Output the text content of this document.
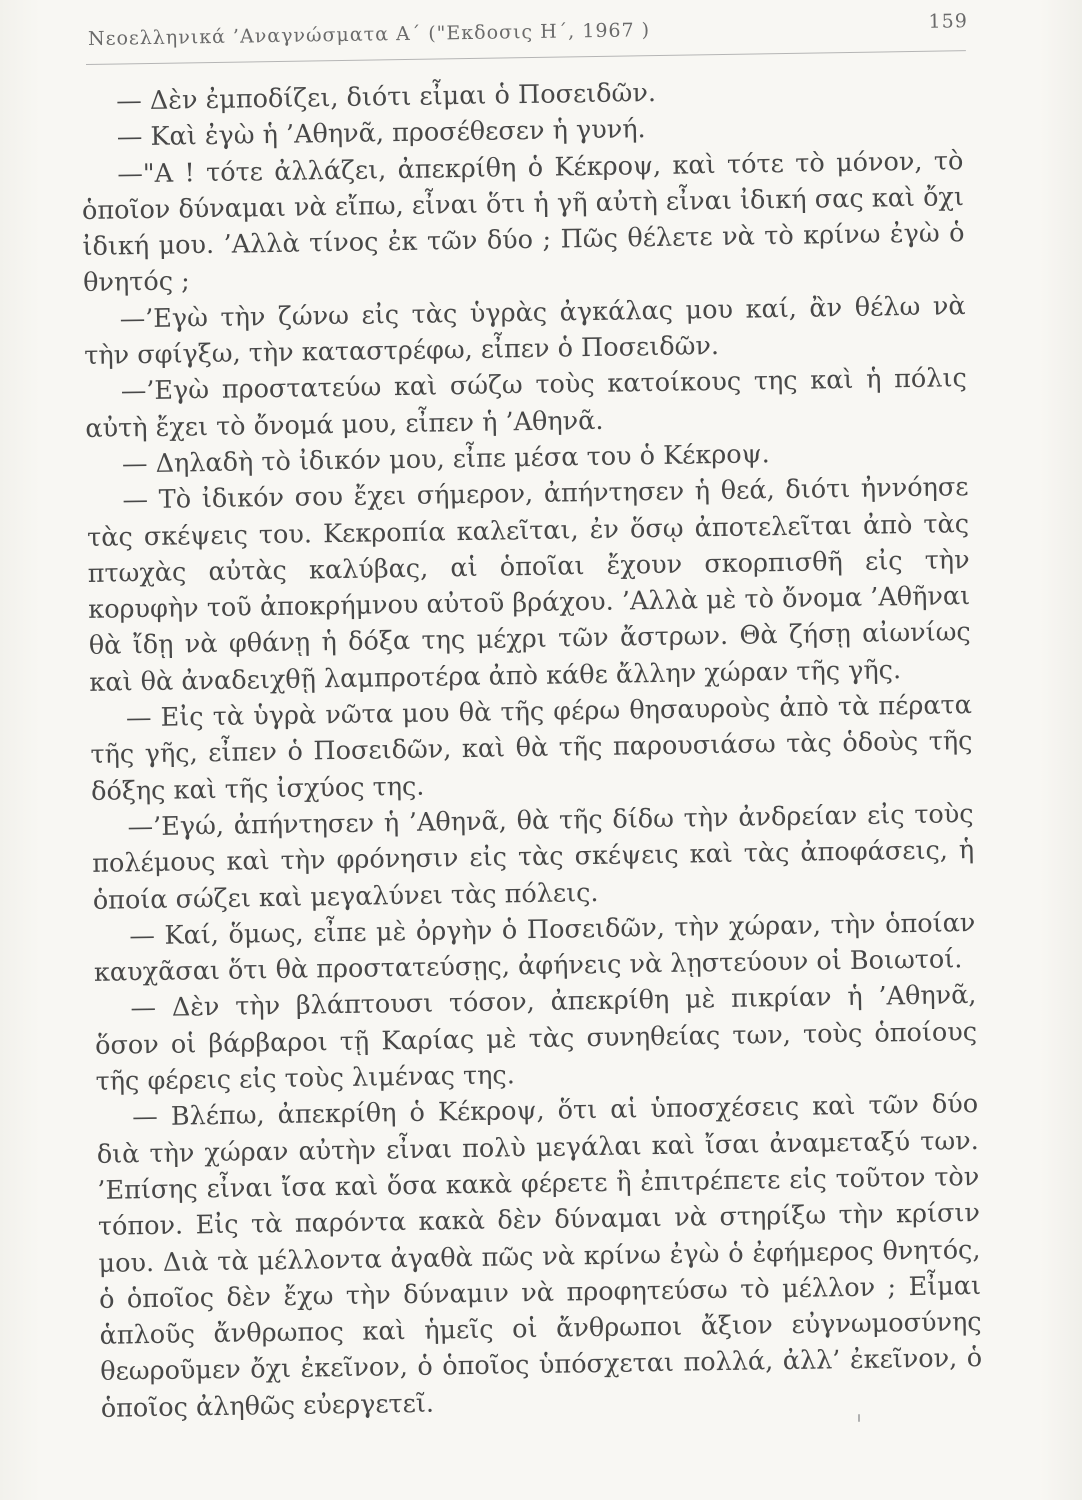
Νεοελληνικά ’Αναγνώσματα Α΄ ("Εκδοσις Η΄, 1967 )	159

— Δὲν ἐμποδίζει, διότι εἶμαι ὁ Ποσειδῶν.

— Καὶ ἐγὼ ἡ ’Αθηνᾶ, προσέθεσεν ἡ γυνή.

—"Α ! τότε ἀλλάζει, ἀπεκρίθη ὁ Κέκροψ, καὶ τότε τὸ μόνον, τὸ ὁποῖον δύναμαι νὰ εἴπω, εἶναι ὅτι ἡ γῆ αὐτὴ εἶναι ἰδική σας καὶ ὄχι ἰδική μου. ’Αλλὰ τίνος ἐκ τῶν δύο ; Πῶς θέλετε νὰ τὸ κρίνω ἐγὼ ὁ θνητός ;

—’Εγὼ τὴν ζώνω εἰς τὰς ὑγρὰς ἀγκάλας μου καί, ἂν θέλω νὰ τὴν σφίγξω, τὴν καταστρέφω, εἶπεν ὁ Ποσειδῶν.

—’Εγὼ προστατεύω καὶ σώζω τοὺς κατοίκους της καὶ ἡ πόλις αὐτὴ ἔχει τὸ ὄνομά μου, εἶπεν ἡ ’Αθηνᾶ.

— Δηλαδὴ τὸ ἰδικόν μου, εἶπε μέσα του ὁ Κέκροψ.

— Τὸ ἰδικόν σου ἔχει σήμερον, ἀπήντησεν ἡ θεά, διότι ἠννόησε τὰς σκέψεις του. Κεκροπία καλεῖται, ἐν ὅσῳ ἀποτελεῖται ἀπὸ τὰς πτωχὰς αὐτὰς καλύβας, αἱ ὁποῖαι ἔχουν σκορπισθῆ εἰς τὴν κορυφὴν τοῦ ἀποκρήμνου αὐτοῦ βράχου. ’Αλλὰ μὲ τὸ ὄνομα ’Αθῆναι θὰ ἴδῃ νὰ φθάνῃ ἡ δόξα της μέχρι τῶν ἄστρων. Θὰ ζήσῃ αἰωνίως καὶ θὰ ἀναδειχθῇ λαμπροτέρα ἀπὸ κάθε ἄλλην χώραν τῆς γῆς.

— Εἰς τὰ ὑγρὰ νῶτα μου θὰ τῆς φέρω θησαυροὺς ἀπὸ τὰ πέρατα τῆς γῆς, εἶπεν ὁ Ποσειδῶν, καὶ θὰ τῆς παρουσιάσω τὰς ὁδοὺς τῆς δόξης καὶ τῆς ἰσχύος της.

—’Εγώ, ἀπήντησεν ἡ ’Αθηνᾶ, θὰ τῆς δίδω τὴν ἀνδρείαν εἰς τοὺς πολέμους καὶ τὴν φρόνησιν εἰς τὰς σκέψεις καὶ τὰς ἀποφάσεις, ἡ ὁποία σώζει καὶ μεγαλύνει τὰς πόλεις.

— Καί, ὅμως, εἶπε μὲ ὀργὴν ὁ Ποσειδῶν, τὴν χώραν, τὴν ὁποίαν καυχᾶσαι ὅτι θὰ προστατεύσῃς, ἀφήνεις νὰ λῃστεύουν οἱ Βοιωτοί.

— Δὲν τὴν βλάπτουσι τόσον, ἀπεκρίθη μὲ πικρίαν ἡ ’Αθηνᾶ, ὅσον οἱ βάρβαροι τῇ Καρίας μὲ τὰς συνηθείας των, τοὺς ὁποίους τῆς φέρεις εἰς τοὺς λιμένας της.

— Βλέπω, ἀπεκρίθη ὁ Κέκροψ, ὅτι αἱ ὑποσχέσεις καὶ τῶν δύο διὰ τὴν χώραν αὐτὴν εἶναι πολὺ μεγάλαι καὶ ἴσαι ἀναμεταξύ των. ’Επίσης εἶναι ἴσα καὶ ὅσα κακὰ φέρετε ἢ ἐπιτρέπετε εἰς τοῦτον τὸν τόπον. Εἰς τὰ παρόντα κακὰ δὲν δύναμαι νὰ στηρίξω τὴν κρίσιν μου. Διὰ τὰ μέλλοντα ἀγαθὰ πῶς νὰ κρίνω ἐγὼ ὁ ἐφήμερος θνητός, ὁ ὁποῖος δὲν ἔχω τὴν δύναμιν νὰ προφητεύσω τὸ μέλλον ; Εἶμαι ἁπλοῦς ἄνθρωπος καὶ ἡμεῖς οἱ ἄνθρωποι ἄξιον εὐγνωμοσύνης θεωροῦμεν ὄχι ἐκεῖνον, ὁ ὁποῖος ὑπόσχεται πολλά, ἀλλ’ ἐκεῖνον, ὁ ὁποῖος ἀληθῶς εὐεργετεῖ.
